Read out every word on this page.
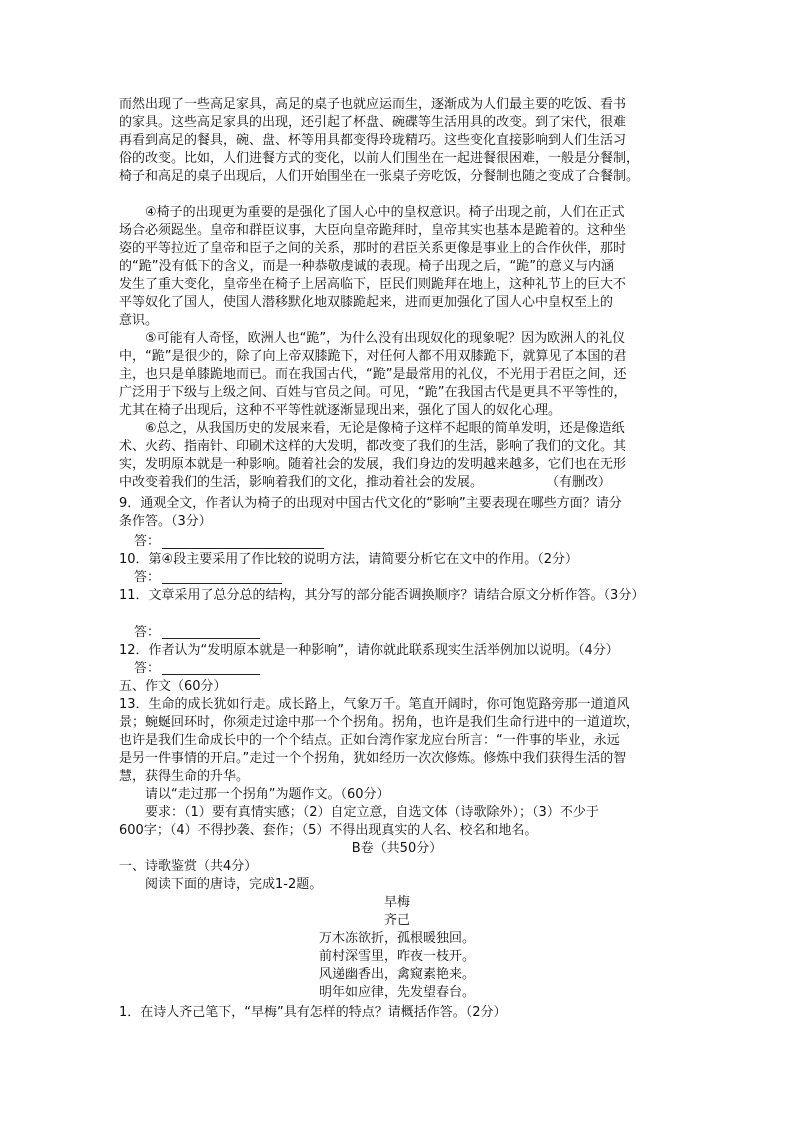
而然出现了一些高足家具，高足的桌子也就应运而生，逐渐成为人们最主要的吃饭、看书
的家具。这些高足家具的出现，还引起了杯盘、碗碟等生活用具的改变。到了宋代，很难
再看到高足的餐具，碗、盘、杯等用具都变得玲珑精巧。这些变化直接影响到人们生活习
俗的改变。比如，人们进餐方式的变化，以前人们围坐在一起进餐很困难，一般是分餐制，
椅子和高足的桌子出现后，人们开始围坐在一张桌子旁吃饭，分餐制也随之变成了合餐制。
④椅子的出现更为重要的是强化了国人心中的皇权意识。椅子出现之前，人们在正式
场合必须跽坐。皇帝和群臣议事，大臣向皇帝跪拜时，皇帝其实也基本是跪着的。这种坐
姿的平等拉近了皇帝和臣子之间的关系，那时的君臣关系更像是事业上的合作伙伴，那时
的“跪”没有低下的含义，而是一种恭敬虔诚的表现。椅子出现之后，“跪”的意义与内涵
发生了重大变化，皇帝坐在椅子上居高临下，臣民们则跪拜在地上，这种礼节上的巨大不
平等奴化了国人，使国人潜移默化地双膝跪起来，进而更加强化了国人心中皇权至上的
意识。
⑤可能有人奇怪，欧洲人也“跪”，为什么没有出现奴化的现象呢？因为欧洲人的礼仪
中，“跪”是很少的，除了向上帝双膝跪下，对任何人都不用双膝跪下，就算见了本国的君
主，也只是单膝跪地而已。而在我国古代，“跪”是最常用的礼仪，不光用于君臣之间，还
广泛用于下级与上级之间、百姓与官员之间。可见，“跪”在我国古代是更具不平等性的，
尤其在椅子出现后，这种不平等性就逐渐显现出来，强化了国人的奴化心理。
⑥总之，从我国历史的发展来看，无论是像椅子这样不起眼的简单发明，还是像造纸
术、火药、指南针、印刷术这样的大发明，都改变了我们的生活，影响了我们的文化。其
实，发明原本就是一种影响。随着社会的发展，我们身边的发明越来越多，它们也在无形
中改变着我们的生活，影响着我们的文化，推动着社会的发展。	（有删改）
9．通观全文，作者认为椅子的出现对中国古代文化的“影响”主要表现在哪些方面？请分
条作答。（3分）
答：
10．第④段主要采用了作比较的说明方法，请简要分析它在文中的作用。（2分）
答：
11．文章采用了总分总的结构，其分写的部分能否调换顺序？请结合原文分析作答。（3分）
答：
12．作者认为“发明原本就是一种影响”，请你就此联系现实生活举例加以说明。（4分）
答：
五、作文（60分）
13．生命的成长犹如行走。成长路上，气象万千。笔直开阔时，你可饱览路旁那一道道风
景；蜿蜒回环时，你须走过途中那一个个拐角。拐角，也许是我们生命行进中的一道道坎，
也许是我们生命成长中的一个个结点。正如台湾作家龙应台所言：“一件事的毕业，永远
是另一件事情的开启。”走过一个个拐角，犹如经历一次次修炼。修炼中我们获得生活的智
慧，获得生命的升华。
请以“走过那一个拐角”为题作文。（60分）
要求：（1）要有真情实感；（2）自定立意，自选文体（诗歌除外）；（3）不少于
600字；（4）不得抄袭、套作；（5）不得出现真实的人名、校名和地名。
B卷（共50分）
一、诗歌鉴赏（共4分）
阅读下面的唐诗，完成1-2题。
早梅
齐己
万木冻欲折，孤根暖独回。
前村深雪里，昨夜一枝开。
风递幽香出，禽窥素艳来。
明年如应律，先发望春台。
1．在诗人齐己笔下，“早梅”具有怎样的特点？请概括作答。（2分）
